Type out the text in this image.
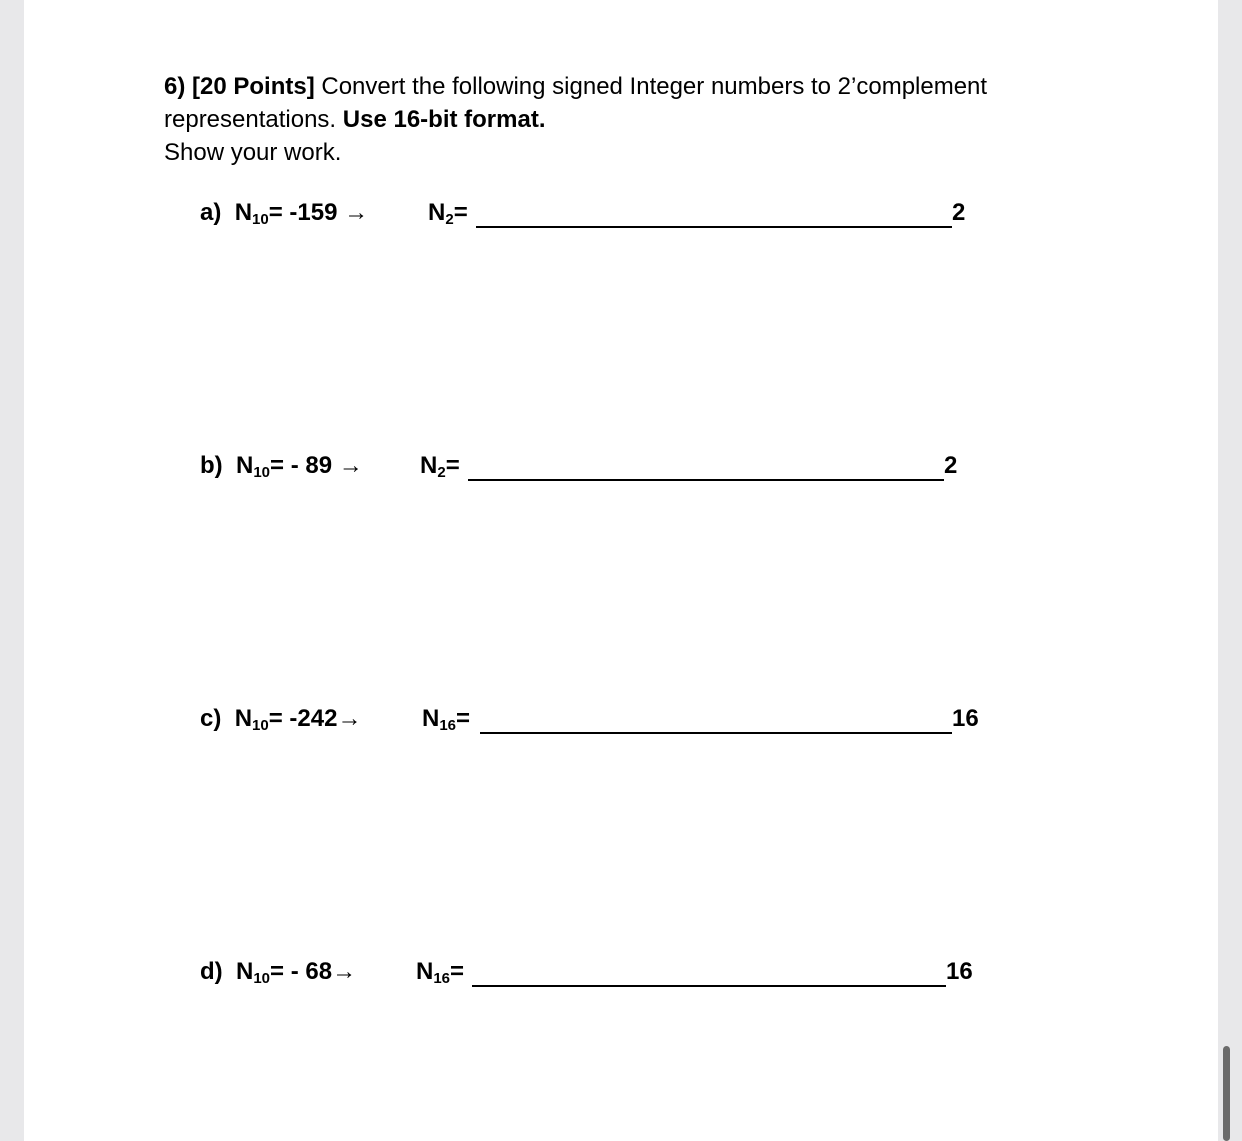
6) [20 Points] Convert the following signed Integer numbers to 2’complement representations. Use 16-bit format.
Show your work.
a) $N_{10}= -159 \to N_2=$	2
b) $N_{10}= - 89 \to N_2=$	2
c) $N_{10}= -242\to$	$N_{16}=$	16
d) $N_{10}= - 68\to N_{16}=$	16
